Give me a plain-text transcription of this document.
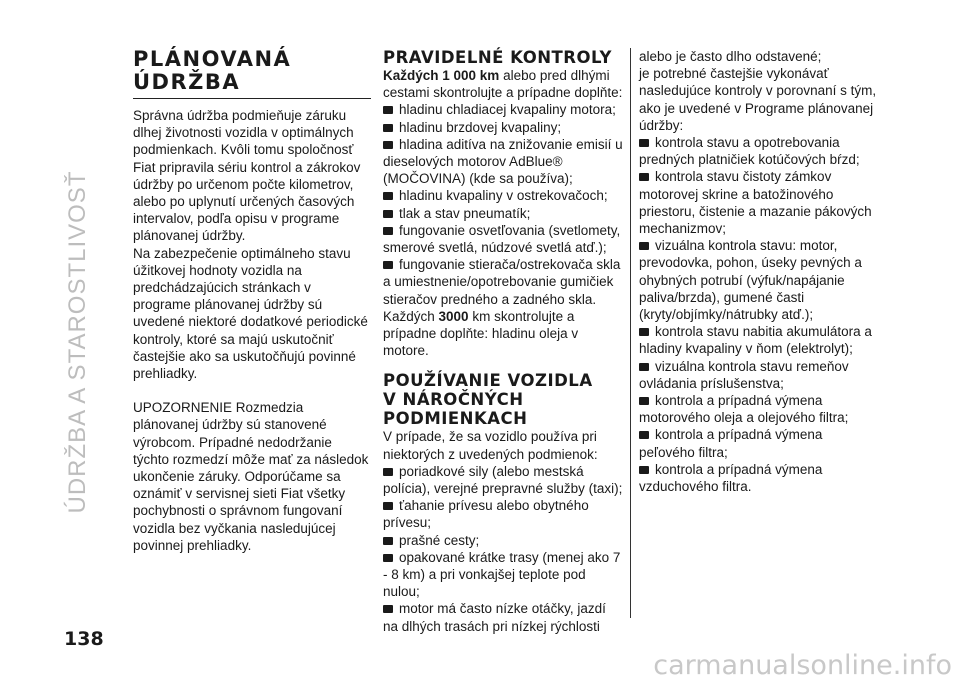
ÚDRŽBA A STAROSTLIVOSŤ
PLÁNOVANÁ
ÚDRŽBA

Správna údržba podmieňuje záruku dlhej životnosti vozidla v optimálnych podmienkach. Kvôli tomu spoločnosť Fiat pripravila sériu kontrol a zákrokov údržby po určenom počte kilometrov, alebo po uplynutí určených časových intervalov, podľa opisu v programe plánovanej údržby.

Na zabezpečenie optimálneho stavu úžitkovej hodnoty vozidla na predchádzajúcich stránkach v programe plánovanej údržby sú uvedené niektoré dodatkové periodické kontroly, ktoré sa majú uskutočniť častejšie ako sa uskutočňujú povinné prehliadky.

UPOZORNENIE Rozmedzia plánovanej údržby sú stanovené výrobcom. Prípadné nedodržanie týchto rozmedzí môže mať za následok ukončenie záruky. Odporúčame sa oznámiť v servisnej sieti Fiat všetky pochybnosti o správnom fungovaní vozidla bez vyčkania nasledujúcej povinnej prehliadky.

PRAVIDELNÉ KONTROLY

Každých 1 000 km alebo pred dlhými cestami skontrolujte a prípadne doplňte:

hladinu chladiacej kvapaliny motora;
hladinu brzdovej kvapaliny;
hladina aditíva na znižovanie emisií u dieselových motorov AdBlue® (MOČOVINA) (kde sa používa);
hladinu kvapaliny v ostrekovačoch;
tlak a stav pneumatík;
fungovanie osvetľovania (svetlomety, smerové svetlá, núdzové svetlá atď.);
fungovanie stierača/ostrekovača skla a umiestnenie/opotrebovanie gumičiek stieračov predného a zadného skla.

Každých 3000 km skontrolujte a prípadne doplňte: hladinu oleja v motore.

POUŽÍVANIE VOZIDLA
V NÁROČNÝCH
PODMIENKACH

V prípade, že sa vozidlo používa pri niektorých z uvedených podmienok:

poriadkové sily (alebo mestská polícia), verejné prepravné služby (taxi);
ťahanie prívesu alebo obytného prívesu;
prašné cesty;
opakované krátke trasy (menej ako 7 - 8 km) a pri vonkajšej teplote pod nulou;
motor má často nízke otáčky, jazdí na dlhých trasách pri nízkej rýchlosti

alebo je často dlho odstavené;

je potrebné častejšie vykonávať nasledujúce kontroly v porovnaní s tým, ako je uvedené v Programe plánovanej údržby:

kontrola stavu a opotrebovania predných platničiek kotúčových bŕzd;
kontrola stavu čistoty zámkov motorovej skrine a batožinového priestoru, čistenie a mazanie pákových mechanizmov;
vizuálna kontrola stavu: motor, prevodovka, pohon, úseky pevných a ohybných potrubí (výfuk/napájanie paliva/brzda), gumené časti (kryty/objímky/nátrubky atď.);
kontrola stavu nabitia akumulátora a hladiny kvapaliny v ňom (elektrolyt);
vizuálna kontrola stavu remeňov ovládania príslušenstva;
kontrola a prípadná výmena motorového oleja a olejového filtra;
kontrola a prípadná výmena peľového filtra;
kontrola a prípadná výmena vzduchového filtra.
138
carmanualsonline.info
